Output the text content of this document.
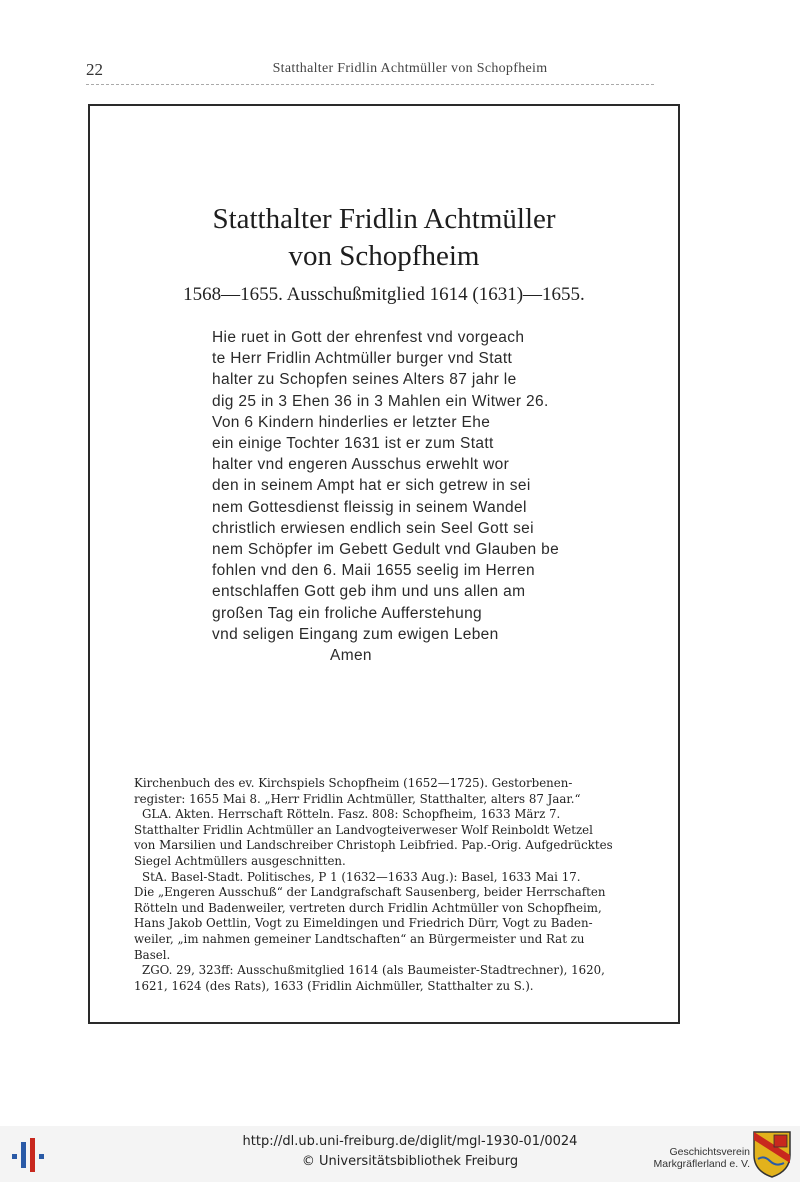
22	Statthalter Fridlin Achtmüller von Schopfheim
Statthalter Fridlin Achtmüller
von Schopfheim
1568—1655. Ausschußmitglied 1614 (1631)—1655.
Hie ruet in Gott der ehrenfest vnd vorgeach
te Herr Fridlin Achtmüller burger vnd Statt
halter zu Schopfen seines Alters 87 jahr le
dig 25 in 3 Ehen 36 in 3 Mahlen ein Witwer 26.
Von 6 Kindern hinderlies er letzter Ehe
ein einige Tochter 1631 ist er zum Statt
halter vnd engeren Ausschus erwehlt wor
den in seinem Ampt hat er sich getrew in sei
nem Gottesdienst fleissig in seinem Wandel
christlich erwiesen endlich sein Seel Gott sei
nem Schöpfer im Gebett Gedult vnd Glauben be
fohlen vnd den 6. Maii 1655 seelig im Herren
entschlaffen Gott geb ihm und uns allen am
großen Tag ein froliche Aufferstehung
vnd seligen Eingang zum ewigen Leben
Amen
Kirchenbuch des ev. Kirchspiels Schopfheim (1652—1725). Gestorbenen-
register: 1655 Mai 8. „Herr Fridlin Achtmüller, Statthalter, alters 87 Jaar.“
GLA. Akten. Herrschaft Rötteln. Fasz. 808: Schopfheim, 1633 März 7.
Statthalter Fridlin Achtmüller an Landvogteiverweser Wolf Reinboldt Wetzel
von Marsilien und Landschreiber Christoph Leibfried. Pap.-Orig. Aufgedrücktes
Siegel Achtmüllers ausgeschnitten.
StA. Basel-Stadt. Politisches, P 1 (1632—1633 Aug.): Basel, 1633 Mai 17.
Die „Engeren Ausschuß“ der Landgrafschaft Sausenberg, beider Herrschaften
Rötteln und Badenweiler, vertreten durch Fridlin Achtmüller von Schopfheim,
Hans Jakob Oettlin, Vogt zu Eimeldingen und Friedrich Dürr, Vogt zu Baden-
weiler, „im nahmen gemeiner Landtschaften“ an Bürgermeister und Rat zu
Basel.
ZGO. 29, 323ff: Ausschußmitglied 1614 (als Baumeister-Stadtrechner), 1620,
1621, 1624 (des Rats), 1633 (Fridlin Aichmüller, Statthalter zu S.).
http://dl.ub.uni-freiburg.de/diglit/mgl-1930-01/0024
© Universitätsbibliothek Freiburg
Geschichtsverein
Markgräflerland e. V.
